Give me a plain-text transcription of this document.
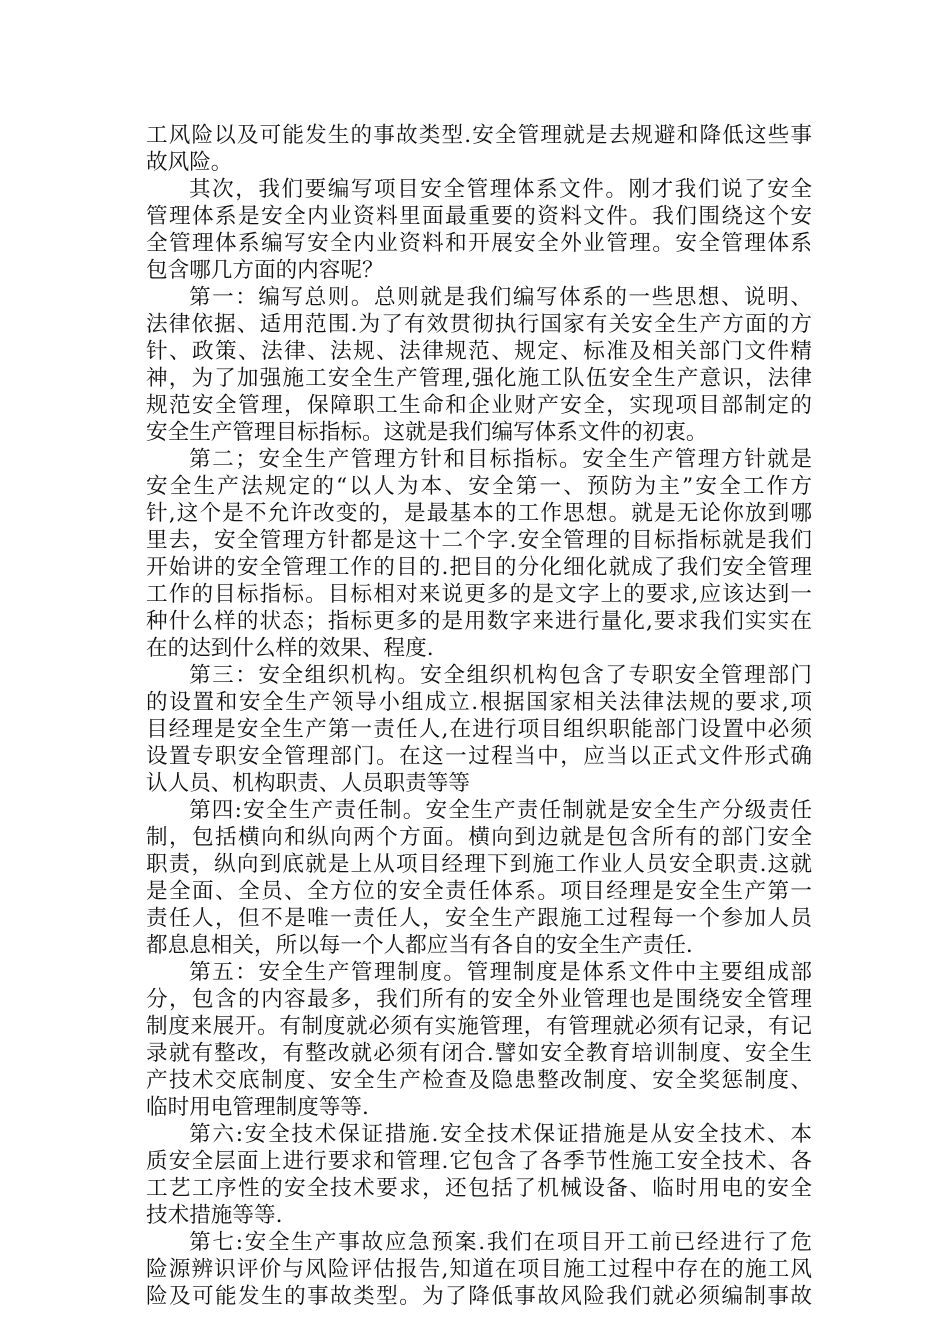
工风险以及可能发生的事故类型.安全管理就是去规避和降低这些事
故风险。
其次，我们要编写项目安全管理体系文件。刚才我们说了安全
管理体系是安全内业资料里面最重要的资料文件。我们围绕这个安
全管理体系编写安全内业资料和开展安全外业管理。安全管理体系
包含哪几方面的内容呢？
第一：编写总则。总则就是我们编写体系的一些思想、说明、
法律依据、适用范围.为了有效贯彻执行国家有关安全生产方面的方
针、政策、法律、法规、法律规范、规定、标准及相关部门文件精
神，为了加强施工安全生产管理,强化施工队伍安全生产意识，法律
规范安全管理，保障职工生命和企业财产安全，实现项目部制定的
安全生产管理目标指标。这就是我们编写体系文件的初衷。
第二；安全生产管理方针和目标指标。安全生产管理方针就是
安全生产法规定的“以人为本、安全第一、预防为主”安全工作方
针,这个是不允许改变的，是最基本的工作思想。就是无论你放到哪
里去，安全管理方针都是这十二个字.安全管理的目标指标就是我们
开始讲的安全管理工作的目的.把目的分化细化就成了我们安全管理
工作的目标指标。目标相对来说更多的是文字上的要求,应该达到一
种什么样的状态；指标更多的是用数字来进行量化,要求我们实实在
在的达到什么样的效果、程度.
第三：安全组织机构。安全组织机构包含了专职安全管理部门
的设置和安全生产领导小组成立.根据国家相关法律法规的要求,项
目经理是安全生产第一责任人,在进行项目组织职能部门设置中必须
设置专职安全管理部门。在这一过程当中，应当以正式文件形式确
认人员、机构职责、人员职责等等
第四:安全生产责任制。安全生产责任制就是安全生产分级责任
制，包括横向和纵向两个方面。横向到边就是包含所有的部门安全
职责，纵向到底就是上从项目经理下到施工作业人员安全职责.这就
是全面、全员、全方位的安全责任体系。项目经理是安全生产第一
责任人，但不是唯一责任人，安全生产跟施工过程每一个参加人员
都息息相关，所以每一个人都应当有各自的安全生产责任.
第五：安全生产管理制度。管理制度是体系文件中主要组成部
分，包含的内容最多，我们所有的安全外业管理也是围绕安全管理
制度来展开。有制度就必须有实施管理，有管理就必须有记录，有记
录就有整改，有整改就必须有闭合.譬如安全教育培训制度、安全生
产技术交底制度、安全生产检查及隐患整改制度、安全奖惩制度、
临时用电管理制度等等.
第六:安全技术保证措施.安全技术保证措施是从安全技术、本
质安全层面上进行要求和管理.它包含了各季节性施工安全技术、各
工艺工序性的安全技术要求，还包括了机械设备、临时用电的安全
技术措施等等.
第七:安全生产事故应急预案.我们在项目开工前已经进行了危
险源辨识评价与风险评估报告,知道在项目施工过程中存在的施工风
险及可能发生的事故类型。为了降低事故风险我们就必须编制事故
